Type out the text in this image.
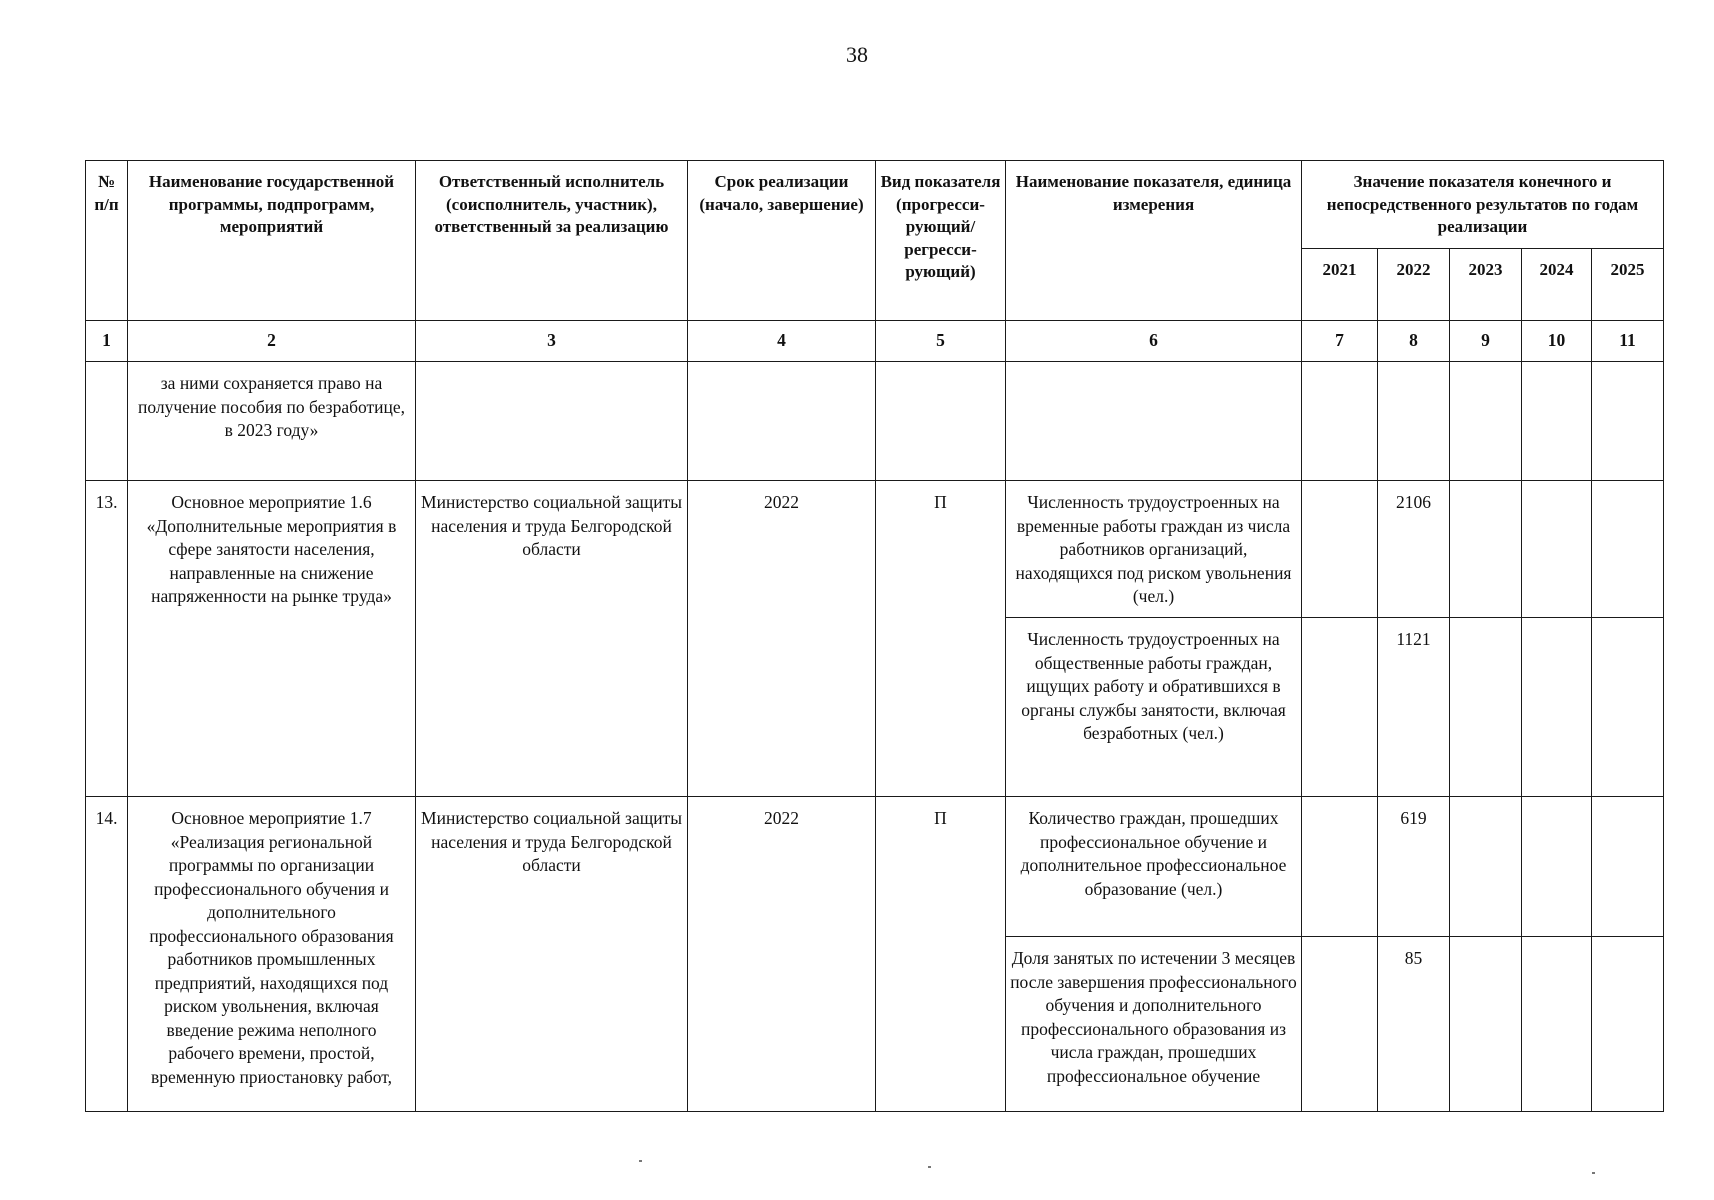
38
№ п/п	Наименование государственной программы, подпрограмм, мероприятий	Ответственный исполнитель (соисполнитель, участник), ответственный за реализацию	Срок реализации (начало, завершение)	Вид показателя (прогресси-рующий/ регресси-рующий)	Наименование показателя, единица измерения	Значение показателя конечного и непосредственного результатов по годам реализации				
						2021	2022	2023	2024	2025
1	2	3	4	5	6	7	8	9	10	11
	за ними сохраняется право на получение пособия по безработице, в 2023 году»									
13.	Основное мероприятие 1.6 «Дополнительные мероприятия в сфере занятости населения, направленные на снижение напряженности на рынке труда»	Министерство социальной защиты населения и труда Белгородской области	2022	П	Численность трудоустроенных на временные работы граждан из числа работников организаций, находящихся под риском увольнения (чел.)		2106			
					Численность трудоустроенных на общественные работы граждан, ищущих работу и обратившихся в органы службы занятости, включая безработных (чел.)		1121			
14.	Основное мероприятие 1.7 «Реализация региональной программы по организации профессионального обучения и дополнительного профессионального образования работников промышленных предприятий, находящихся под риском увольнения, включая введение режима неполного рабочего времени, простой, временную приостановку работ,	Министерство социальной защиты населения и труда Белгородской области	2022	П	Количество граждан, прошедших профессиональное обучение и дополнительное профессиональное образование (чел.)		619			
					Доля занятых по истечении 3 месяцев после завершения профессионального обучения и дополнительного профессионального образования из числа граждан, прошедших профессиональное обучение		85			
